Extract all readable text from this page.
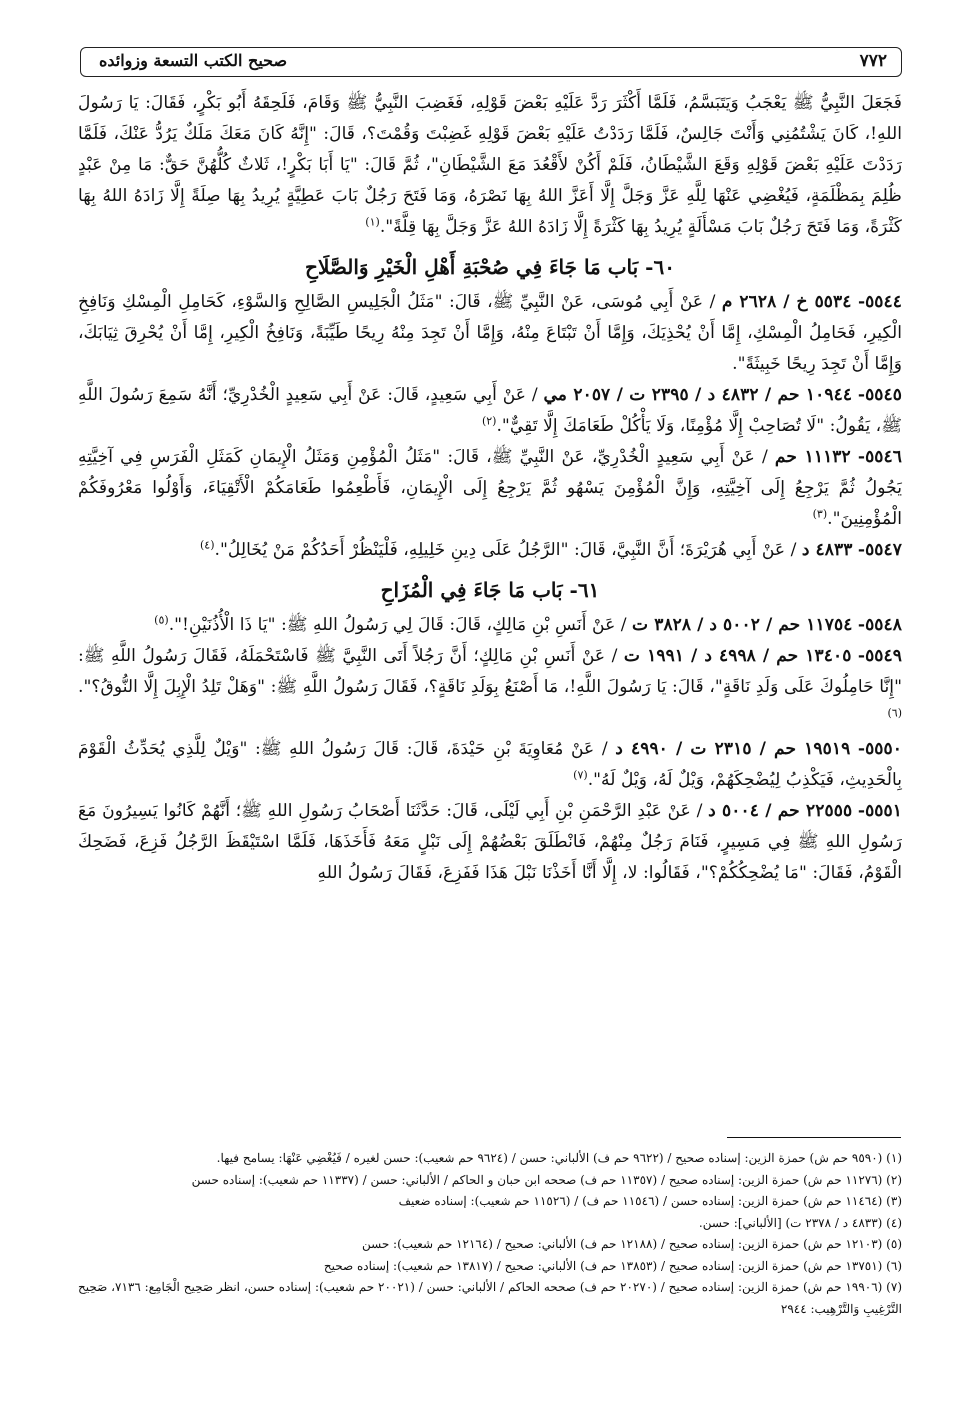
٧٧٢
صحيح الكتب التسعة وزوائده

فَجَعَلَ النَّبِيُّ ﷺ يَعْجَبُ وَيَتَبَسَّمُ، فَلَمَّا أَكْثَرَ رَدَّ عَلَيْهِ بَعْضَ قَوْلِهِ، فَغَضِبَ النَّبِيُّ ﷺ وَقَامَ، فَلَحِقَهُ أَبُو بَكْرٍ، فَقَالَ: يَا رَسُولَ اللهِ!، كَانَ يَشْتُمُنِي وَأَنْتَ جَالِسٌ، فَلَمَّا رَدَدْتُ عَلَيْهِ بَعْضَ قَوْلِهِ غَضِبْتَ وَقُمْتَ؟، قَالَ: "إِنَّهُ كَانَ مَعَكَ مَلَكٌ يَرُدُّ عَنْكَ، فَلَمَّا رَدَدْتَ عَلَيْهِ بَعْضَ قَوْلِهِ وَقَعَ الشَّيْطَانُ، فَلَمْ أَكُنْ لأَقْعُدَ مَعَ الشَّيْطَانِ"، ثُمَّ قَالَ: "يَا أَبَا بَكْرٍ!، ثَلاثٌ كُلُّهُنَّ حَقٌّ: مَا مِنْ عَبْدٍ ظُلِمَ بِمَظْلَمَةٍ، فَيُغْضِي عَنْهَا لِلَّهِ عَزَّ وَجَلَّ إِلَّا أَعَزَّ اللهُ بِهَا نَصْرَهُ، وَمَا فَتَحَ رَجُلٌ بَابَ عَطِيَّةٍ يُرِيدُ بِهَا صِلَةً إِلَّا زَادَهُ اللهُ بِهَا كَثْرَةً، وَمَا فَتَحَ رَجُلٌ بَابَ مَسْأَلَةٍ يُرِيدُ بِهَا كَثْرَةً إِلَّا زَادَهُ اللهُ عَزَّ وَجَلَّ بِهَا قِلَّةً".$^{(١)}$

٦٠- بَاب مَا جَاءَ فِي صُحْبَةِ أَهْلِ الْخَيْرِ وَالصَّلَاحِ

٥٥٤٤- ٥٥٣٤ خ / ٢٦٢٨ م / عَنْ أَبِي مُوسَى، عَنْ النَّبِيِّ ﷺ، قَالَ: "مَثَلُ الْجَلِيسِ الصَّالِحِ وَالسَّوْءِ، كَحَامِلِ الْمِسْكِ وَنَافِخِ الْكِيرِ، فَحَامِلُ الْمِسْكِ، إِمَّا أَنْ يُحْذِيَكَ، وَإِمَّا أَنْ تَبْتَاعَ مِنْهُ، وَإِمَّا أَنْ تَجِدَ مِنْهُ رِيحًا طَيِّبَةً، وَنَافِخُ الْكِيرِ، إِمَّا أَنْ يُحْرِقَ ثِيَابَكَ، وَإِمَّا أَنْ تَجِدَ رِيحًا خَبِيثَةً".

٥٥٤٥- ١٠٩٤٤ حم / ٤٨٣٢ د / ٢٣٩٥ ت / ٢٠٥٧ مي / عَنْ أَبِي سَعِيدٍ، قَالَ: عَنْ أَبِي سَعِيدٍ الْخُدْرِيِّ؛ أَنَّهُ سَمِعَ رَسُولَ اللَّهِ ﷺ، يَقُولُ: "لَا تُصَاحِبْ إِلَّا مُؤْمِنًا، وَلَا يَأْكُلْ طَعَامَكَ إِلَّا تَقِيٌّ".$^{(٢)}$

٥٥٤٦- ١١١٣٢ حم / عَنْ أَبِي سَعِيدٍ الْخُدْرِيِّ، عَنْ النَّبِيِّ ﷺ، قَالَ: "مَثَلُ الْمُؤْمِنِ وَمَثَلُ الْإِيمَانِ كَمَثَلِ الْفَرَسِ فِي آخِيَّتِهِ يَجُولُ ثُمَّ يَرْجِعُ إِلَى آخِيَّتِهِ، وَإِنَّ الْمُؤْمِنَ يَسْهُو ثُمَّ يَرْجِعُ إِلَى الْإِيمَانِ، فَأَطْعِمُوا طَعَامَكُمْ الْأَتْقِيَاءَ، وَأَوْلُوا مَعْرُوفَكُمْ الْمُؤْمِنِينَ".$^{(٣)}$

٥٥٤٧- ٤٨٣٣ د / عَنْ أَبِي هُرَيْرَةَ؛ أَنَّ النَّبِيَّ، قَالَ: "الرَّجُلُ عَلَى دِينِ خَلِيلِهِ، فَلْيَنْظُرْ أَحَدُكُمْ مَنْ يُخَالِلُ".$^{(٤)}$

٦١- بَاب مَا جَاءَ فِي الْمُزَاحِ

٥٥٤٨- ١١٧٥٤ حم / ٥٠٠٢ د / ٣٨٢٨ ت / عَنْ أَنَسِ بْنِ مَالِكٍ، قَالَ: قَالَ لِي رَسُولُ اللهِ ﷺ: "يَا ذَا الْأُذُنَيْنِ!".$^{(٥)}$

٥٥٤٩- ١٣٤٠٥ حم / ٤٩٩٨ د / ١٩٩١ ت / عَنْ أَنَسِ بْنِ مَالِكٍ؛ أَنَّ رَجُلاً أَتَى النَّبِيَّ ﷺ فَاسْتَحْمَلَهُ، فَقَالَ رَسُولُ اللَّهِ ﷺ: "إِنَّا حَامِلُوكَ عَلَى وَلَدِ نَاقَةٍ"، قَالَ: يَا رَسُولَ اللَّهِ!، مَا أَصْنَعُ بِوَلَدِ نَاقَةٍ؟، فَقَالَ رَسُولُ اللَّهِ ﷺ: "وَهَلْ تَلِدُ الْإِبِلَ إِلَّا النُّوقُ؟".$^{(٦)}$

٥٥٥٠- ١٩٥١٩ حم / ٢٣١٥ ت / ٤٩٩٠ د / عَنْ مُعَاوِيَةَ بْنِ حَيْدَةَ، قَالَ: قَالَ رَسُولُ اللهِ ﷺ: "وَيْلٌ لِلَّذِي يُحَدِّثُ الْقَوْمَ بِالْحَدِيثِ، فَيَكْذِبُ لِيُضْحِكَهُمْ، وَيْلٌ لَهُ، وَيْلٌ لَهُ".$^{(٧)}$

٥٥٥١- ٢٢٥٥٥ حم / ٥٠٠٤ د / عَنْ عَبْدِ الرَّحْمَنِ بْنِ أَبِي لَيْلَى، قَالَ: حَدَّثَنَا أَصْحَابُ رَسُولِ اللهِ ﷺ؛ أَنَّهُمْ كَانُوا يَسِيرُونَ مَعَ رَسُولِ اللهِ ﷺ فِي مَسِيرٍ، فَنَامَ رَجُلٌ مِنْهُمْ، فَانْطَلَقَ بَعْضُهُمْ إِلَى نَبْلٍ مَعَهُ فَأَخَذَهَا، فَلَمَّا اسْتَيْقَظَ الرَّجُلُ فَزِعَ، فَضَحِكَ الْقَوْمُ، فَقَالَ: "مَا يُضْحِكُكُمْ؟"، فَقَالُوا: لا، إِلَّا أَنَّا أَخَذْنَا نَبْلَ هَذَا فَفَزِعَ، فَقَالَ رَسُولُ اللهِ

(١) (٩٥٩٠ حم ش) حمزة الزين: إسناده صحيح / (٩٦٢٢ حم ف) الألباني: حسن / (٩٦٢٤ حم شعيب): حسن لغيره / فَيُغْضِي عَنْهَا: يسامح فيها.

(٢) (١١٢٧٦ حم ش) حمزة الزين: إسناده صحيح / (١١٣٥٧ حم ف) صححه ابن حبان و الحاكم / الألباني: حسن / (١١٣٣٧ حم شعيب): إسناده حسن

(٣) (١١٤٦٤ حم ش) حمزة الزين: إسناده حسن / (١١٥٤٦ حم ف) / (١١٥٢٦ حم شعيب): إسناده ضعيف

(٤) (٤٨٣٣ د / ٢٣٧٨ ت) [الألباني]: حسن.

(٥) (١٢١٠٣ حم ش) حمزة الزين: إسناده صحيح / (١٢١٨٨ حم ف) الألباني: صحيح / (١٢١٦٤ حم شعيب): حسن

(٦) (١٣٧٥١ حم ش) حمزة الزين: إسناده صحيح / (١٣٨٥٣ حم ف) الألباني: صحيح / (١٣٨١٧ حم شعيب): إسناده صحيح

(٧) (١٩٩٠٦ حم ش) حمزة الزين: إسناده صحيح / (٢٠٢٧٠ حم ف) صححه الحاكم / الألباني: حسن / (٢٠٠٢١ حم شعيب): إسناده حسن، انظر صَحِيح الْجَامِع: ٧١٣٦، صَحِيح التَّرْغِيبِ وَالتَّرْهِيب: ٢٩٤٤
